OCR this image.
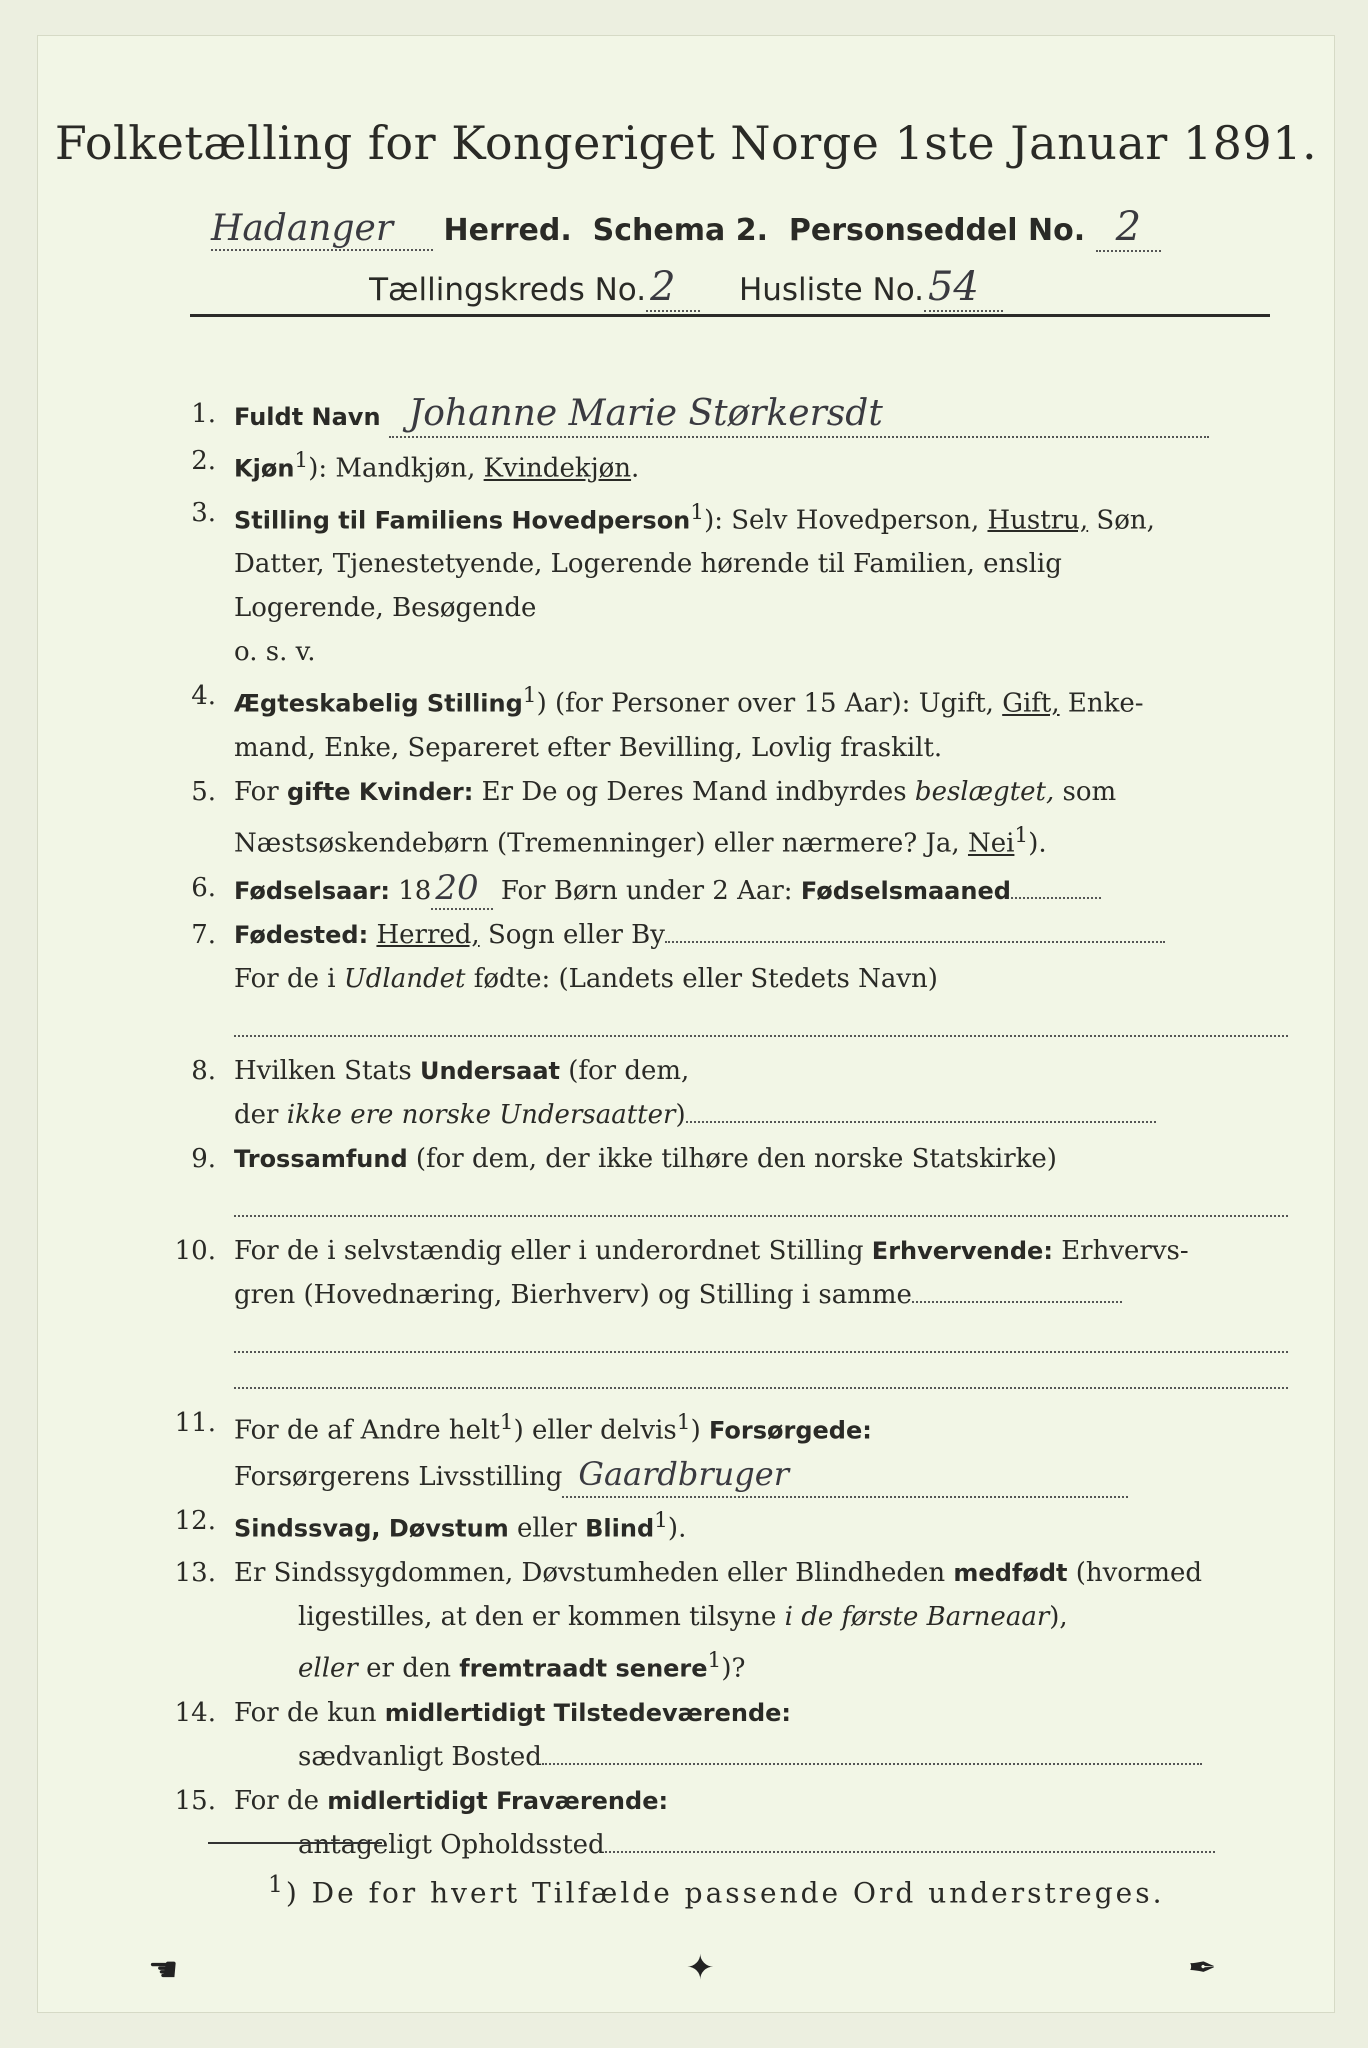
Folketælling for Kongeriget Norge 1ste Januar 1891.
Hadanger Herred. Schema 2. Personseddel No. 2
Tællingskreds No. 2 Husliste No. 54
1. Fuldt Navn Johanne Marie Størkersdt
2. Kjøn$^1$): Mandkjøn, Kvindekjøn.
3. Stilling til Familiens Hovedperson$^1$): Selv Hovedperson, Hustru, Søn,
Datter, Tjenestetyende, Logerende hørende til Familien, enslig
Logerende, Besøgende
o. s. v.
4. Ægteskabelig Stilling$^1$) (for Personer over 15 Aar): Ugift, Gift, Enke-
mand, Enke, Separeret efter Bevilling, Lovlig fraskilt.
5. For gifte Kvinder: Er De og Deres Mand indbyrdes beslægtet, som
Næstsøskendebørn (Tremenninger) eller nærmere? Ja, Nei$^1$).
6. Fødselsaar: 18 20 For Børn under 2 Aar: Fødselsmaaned
7. Fødested: Herred, Sogn eller By
For de i Udlandet fødte: (Landets eller Stedets Navn)
8. Hvilken Stats Undersaat (for dem,
der ikke ere norske Undersaatter)
9. Trossamfund (for dem, der ikke tilhøre den norske Statskirke)
10. For de i selvstændig eller i underordnet Stilling Erhvervende: Erhvervs-
gren (Hovednæring, Bierhverv) og Stilling i samme
11. For de af Andre helt$^1$) eller delvis$^1$) Forsørgede:
Forsørgerens Livsstilling Gaardbruger
12. Sindssvag, Døvstum eller Blind$^1$).
13. Er Sindssygdommen, Døvstumheden eller Blindheden medfødt (hvormed
ligestilles, at den er kommen tilsyne i de første Barneaar),
eller er den fremtraadt senere$^1$)?
14. For de kun midlertidigt Tilstedeværende:
sædvanligt Bosted
15. For de midlertidigt Fraværende:
antageligt Opholdssted
$^1$) De for hvert Tilfælde passende Ord understreges.
☚	✦	✒
